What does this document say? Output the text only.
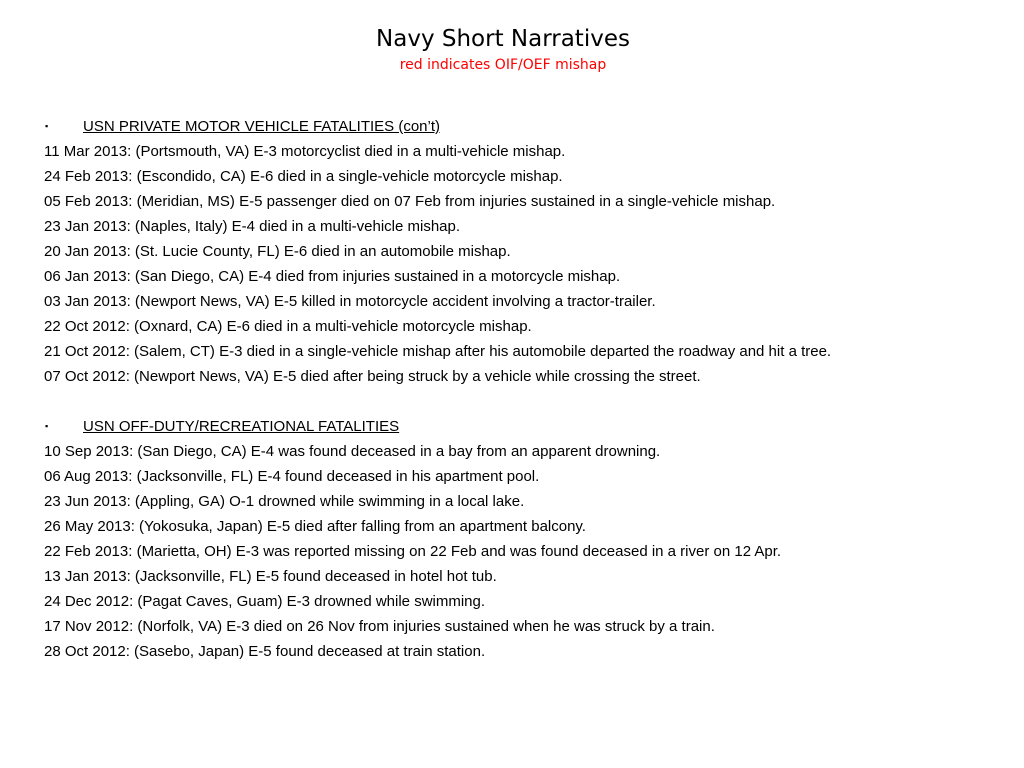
Navy Short Narratives
red indicates OIF/OEF mishap
▪ USN PRIVATE MOTOR VEHICLE FATALITIES (con’t)
11 Mar 2013: (Portsmouth, VA) E-3 motorcyclist died in a multi-vehicle mishap.
24 Feb 2013: (Escondido, CA) E-6 died in a single-vehicle motorcycle mishap.
05 Feb 2013: (Meridian, MS) E-5 passenger died on 07 Feb from injuries sustained in a single-vehicle mishap.
23 Jan 2013: (Naples, Italy) E-4 died in a multi-vehicle mishap.
20 Jan 2013: (St. Lucie County, FL) E-6 died in an automobile mishap.
06 Jan 2013: (San Diego, CA) E-4 died from injuries sustained in a motorcycle mishap.
03 Jan 2013: (Newport News, VA) E-5 killed in motorcycle accident involving a tractor-trailer.
22 Oct 2012: (Oxnard, CA) E-6 died in a multi-vehicle motorcycle mishap.
21 Oct 2012: (Salem, CT) E-3 died in a single-vehicle mishap after his automobile departed the roadway and hit a tree.
07 Oct 2012: (Newport News, VA) E-5 died after being struck by a vehicle while crossing the street.
▪ USN OFF-DUTY/RECREATIONAL FATALITIES
10 Sep 2013: (San Diego, CA) E-4 was found deceased in a bay from an apparent drowning.
06 Aug 2013: (Jacksonville, FL) E-4 found deceased in his apartment pool.
23 Jun 2013: (Appling, GA) O-1 drowned while swimming in a local lake.
26 May 2013: (Yokosuka, Japan) E-5 died after falling from an apartment balcony.
22 Feb 2013: (Marietta, OH) E-3 was reported missing on 22 Feb and was found deceased in a river on 12 Apr.
13 Jan 2013: (Jacksonville, FL) E-5 found deceased in hotel hot tub.
24 Dec 2012: (Pagat Caves, Guam) E-3 drowned while swimming.
17 Nov 2012: (Norfolk, VA) E-3 died on 26 Nov from injuries sustained when he was struck by a train.
28 Oct 2012: (Sasebo, Japan) E-5 found deceased at train station.
